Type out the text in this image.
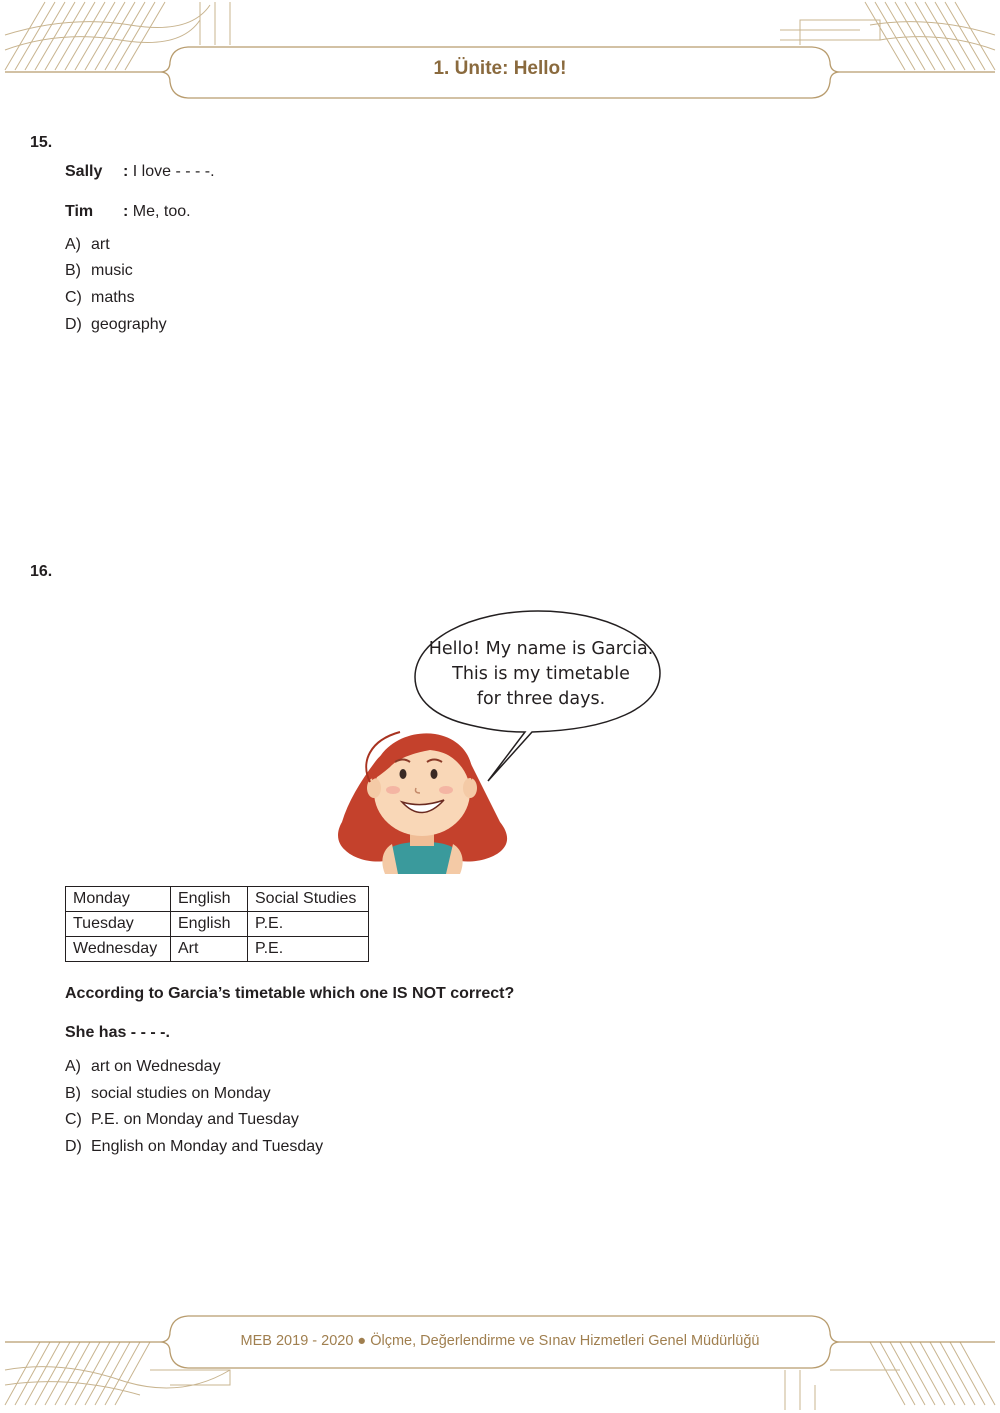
1. Ünite: Hello!
15.
Sally : I love - - - -.
Tim : Me, too.
A) art
B) music
C) maths
D) geography
16.
Hello! My name is Garcia.
This is my timetable
for three days.
Monday	English	Social Studies
Tuesday	English	P.E.
Wednesday	Art	P.E.
According to Garcia’s timetable which one IS NOT correct?
She has - - - -.
A) art on Wednesday
B) social studies on Monday
C) P.E. on Monday and Tuesday
D) English on Monday and Tuesday
MEB 2019 - 2020 ● Ölçme, Değerlendirme ve Sınav Hizmetleri Genel Müdürlüğü
